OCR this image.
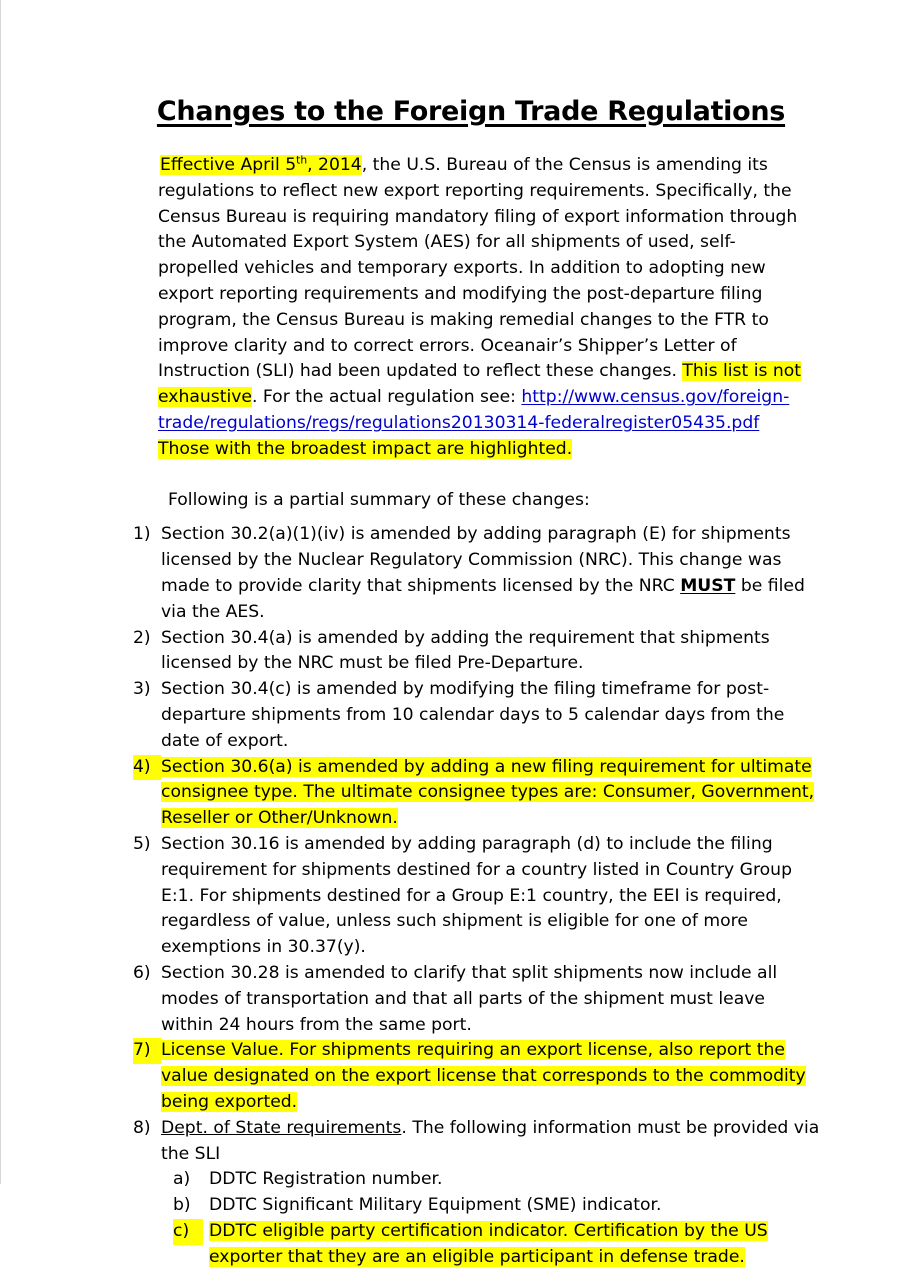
Changes to the Foreign Trade Regulations

Effective April 5th, 2014, the U.S. Bureau of the Census is amending its regulations to reflect new export reporting requirements. Specifically, the Census Bureau is requiring mandatory filing of export information through the Automated Export System (AES) for all shipments of used, self-propelled vehicles and temporary exports. In addition to adopting new export reporting requirements and modifying the post-departure filing program, the Census Bureau is making remedial changes to the FTR to improve clarity and to correct errors. Oceanair’s Shipper’s Letter of Instruction (SLI) had been updated to reflect these changes. This list is not exhaustive. For the actual regulation see: http://www.census.gov/foreign-trade/regulations/regs/regulations20130314-federalregister05435.pdf Those with the broadest impact are highlighted.

Following is a partial summary of these changes:

1) Section 30.2(a)(1)(iv) is amended by adding paragraph (E) for shipments licensed by the Nuclear Regulatory Commission (NRC). This change was made to provide clarity that shipments licensed by the NRC MUST be filed via the AES.
2) Section 30.4(a) is amended by adding the requirement that shipments licensed by the NRC must be filed Pre-Departure.
3) Section 30.4(c) is amended by modifying the filing timeframe for post-departure shipments from 10 calendar days to 5 calendar days from the date of export.
4) Section 30.6(a) is amended by adding a new filing requirement for ultimate consignee type. The ultimate consignee types are: Consumer, Government, Reseller or Other/Unknown.
5) Section 30.16 is amended by adding paragraph (d) to include the filing requirement for shipments destined for a country listed in Country Group E:1. For shipments destined for a Group E:1 country, the EEI is required, regardless of value, unless such shipment is eligible for one of more exemptions in 30.37(y).
6) Section 30.28 is amended to clarify that split shipments now include all modes of transportation and that all parts of the shipment must leave within 24 hours from the same port.
7) License Value. For shipments requiring an export license, also report the value designated on the export license that corresponds to the commodity being exported.
8) Dept. of State requirements. The following information must be provided via the SLI
a)	DDTC Registration number.
b)	DDTC Significant Military Equipment (SME) indicator.
c)	DDTC eligible party certification indicator. Certification by the US exporter that they are an eligible participant in defense trade.
